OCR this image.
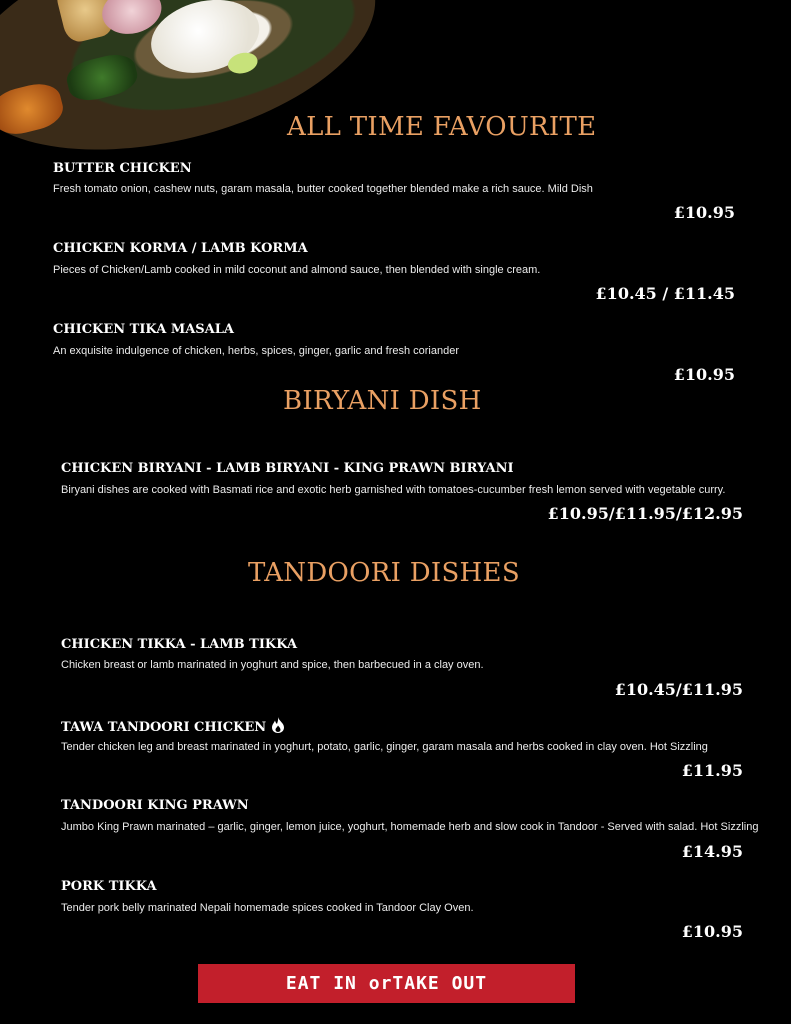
ALL TIME FAVOURITE
BUTTER CHICKEN
Fresh tomato onion, cashew nuts, garam masala, butter cooked together blended make a rich sauce. Mild Dish
£10.95
CHICKEN KORMA / LAMB KORMA
Pieces of Chicken/Lamb cooked in mild coconut and almond sauce, then blended with single cream.
£10.45 / £11.45
CHICKEN TIKA MASALA
An exquisite indulgence of chicken, herbs, spices, ginger, garlic and fresh coriander
£10.95
BIRYANI DISH
CHICKEN BIRYANI - LAMB BIRYANI - KING PRAWN BIRYANI
Biryani dishes are cooked with Basmati rice and exotic herb garnished with tomatoes-cucumber fresh lemon served with vegetable curry.
£10.95/£11.95/£12.95
TANDOORI DISHES
CHICKEN TIKKA - LAMB TIKKA
Chicken breast or lamb marinated in yoghurt and spice, then barbecued in a clay oven.
£10.45/£11.95
TAWA TANDOORI CHICKEN
Tender chicken leg and breast marinated in yoghurt, potato, garlic, ginger, garam masala and herbs cooked in clay oven. Hot Sizzling
£11.95
TANDOORI KING PRAWN
Jumbo King Prawn marinated – garlic, ginger, lemon juice, yoghurt, homemade herb and slow cook in Tandoor - Served with salad. Hot Sizzling
£14.95
PORK TIKKA
Tender pork belly marinated Nepali homemade spices cooked in Tandoor Clay Oven.
£10.95
EAT IN orTAKE OUT
